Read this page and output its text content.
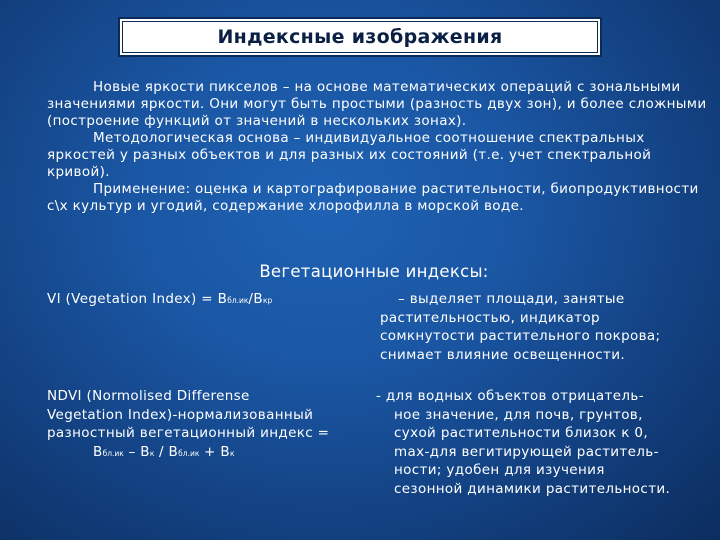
Индексные изображения

Новые яркости пикселов – на основе математических операций с зональными значениями яркости. Они могут быть простыми (разность двух зон), и более сложными (построение функций от значений в нескольких зонах).

Методологическая основа – индивидуальное соотношение спектральных яркостей у разных объектов и для разных их состояний (т.е. учет спектральной кривой).

Применение: оценка и картографирование растительности, биопродуктивности с\х культур и угодий, содержание хлорофилла в морской воде.

Вегетационные индексы:
VI (Vegetation Index) = Bбл.ик/Bкр	– выделяет площади, занятые
растительностью, индикатор
сомкнутости растительного покрова;
снимает влияние освещенности.
NDVI (Normolised Differense
Vegetation Index)-нормализованный
разностный вегетационный индекс =
Bбл.ик – Bк / Bбл.ик + Bк
- для водных объектов отрицатель-
ное значение, для почв, грунтов,
сухой растительности близок к 0,
max-для вегитирующей раститель-
ности; удобен для изучения
сезонной динамики растительности.
